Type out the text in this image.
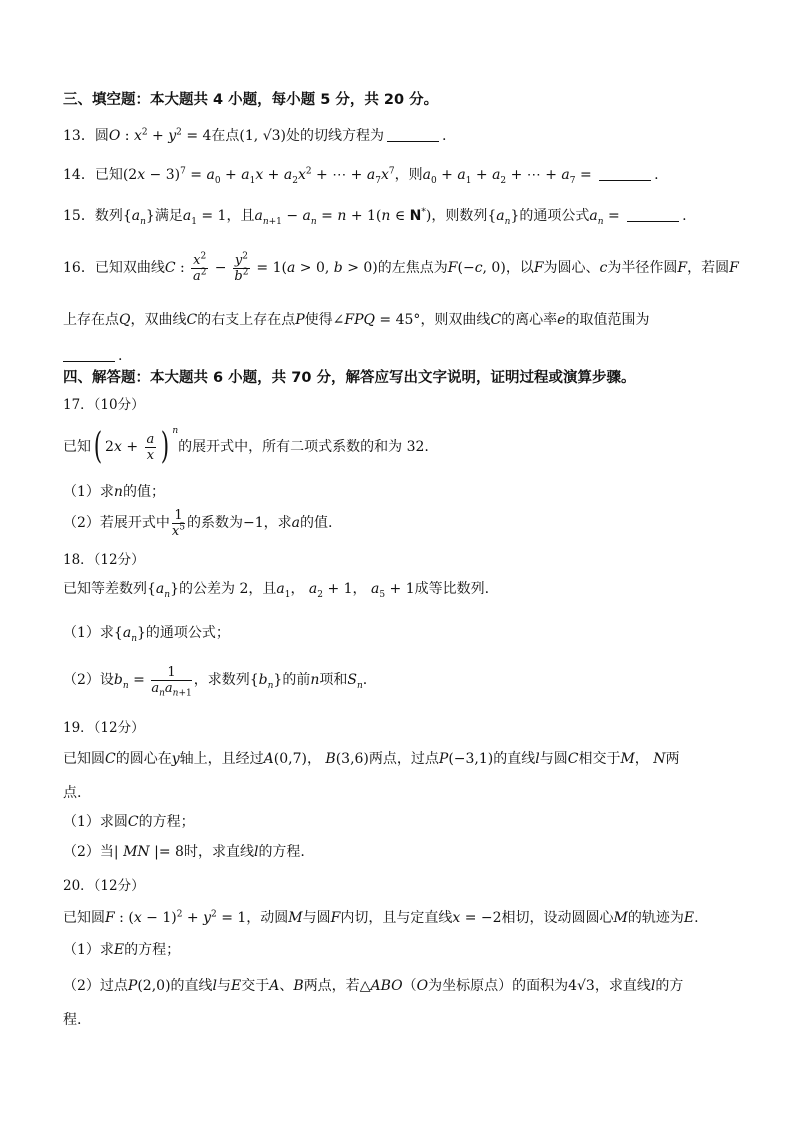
三、填空题：本大题共 4 小题，每小题 5 分，共 20 分。
13．圆O : $x^2 + y^2 = 4$在点(1, √3)处的切线方程为	.
14．已知$(2x - 3)^7 = a_0 + a_1x + a_2x^2$ + ⋯ + $a_7x^7$，则$a_0 + a_1 + a_2$ + ⋯ + $a_7$ =	.
15．数列$\{a_n\}$满足$a_1 = 1$，且$a_{n+1} - a_n = n + 1(n$ ∈ N*)，则数列$\{a_n\}$的通项公式$a_n$ =	.
16．已知双曲线C : $\frac{x^2}{a^2} - \frac{y^2}{b^2} = 1(a > 0$, b > 0)的左焦点为F(−c, 0)，以F为圆心、c为半径作圆F，若圆F
上存在点Q，双曲线C的右支上存在点P使得∠FPQ = 45°，则双曲线C的离心率e的取值范围为
.
四、解答题：本大题共 6 小题，共 70 分，解答应写出文字说明，证明过程或演算步骤。
17．（10分）
已知( $2x + \frac{a}{x}$ ) $^n$的展开式中，所有二项式系数的和为 32.
（1）求n的值；
（2）若展开式中 $\frac{1}{x^5}$ 的系数为−1，求a的值.
18．（12分）
已知等差数列$\{a_n\}$的公差为 2，且$a_1$， $a_2 + 1$， $a_5 + 1$成等比数列.
（1）求$\{a_n\}$的通项公式；
（2）设$b_n = \frac{1}{a_na_{n+1}}$ ，求数列$\{b_n\}$的前n项和$S_n$.
19．（12分）
已知圆C的圆心在y轴上，且经过A(0,7)， B(3,6)两点，过点P(−3,1)的直线l与圆C相交于M， N两
点.
（1）求圆C的方程；
（2）当| MN |= 8时，求直线l的方程.
20．（12分）
已知圆F : $(x - 1)^2 + y^2 = 1$，动圆M与圆F内切，且与定直线x = −2相切，设动圆圆心M的轨迹为E.
（1）求E的方程；
（2）过点P(2,0)的直线l与E交于A、B两点，若△ABO（O为坐标原点）的面积为4√3，求直线l的方
程.
